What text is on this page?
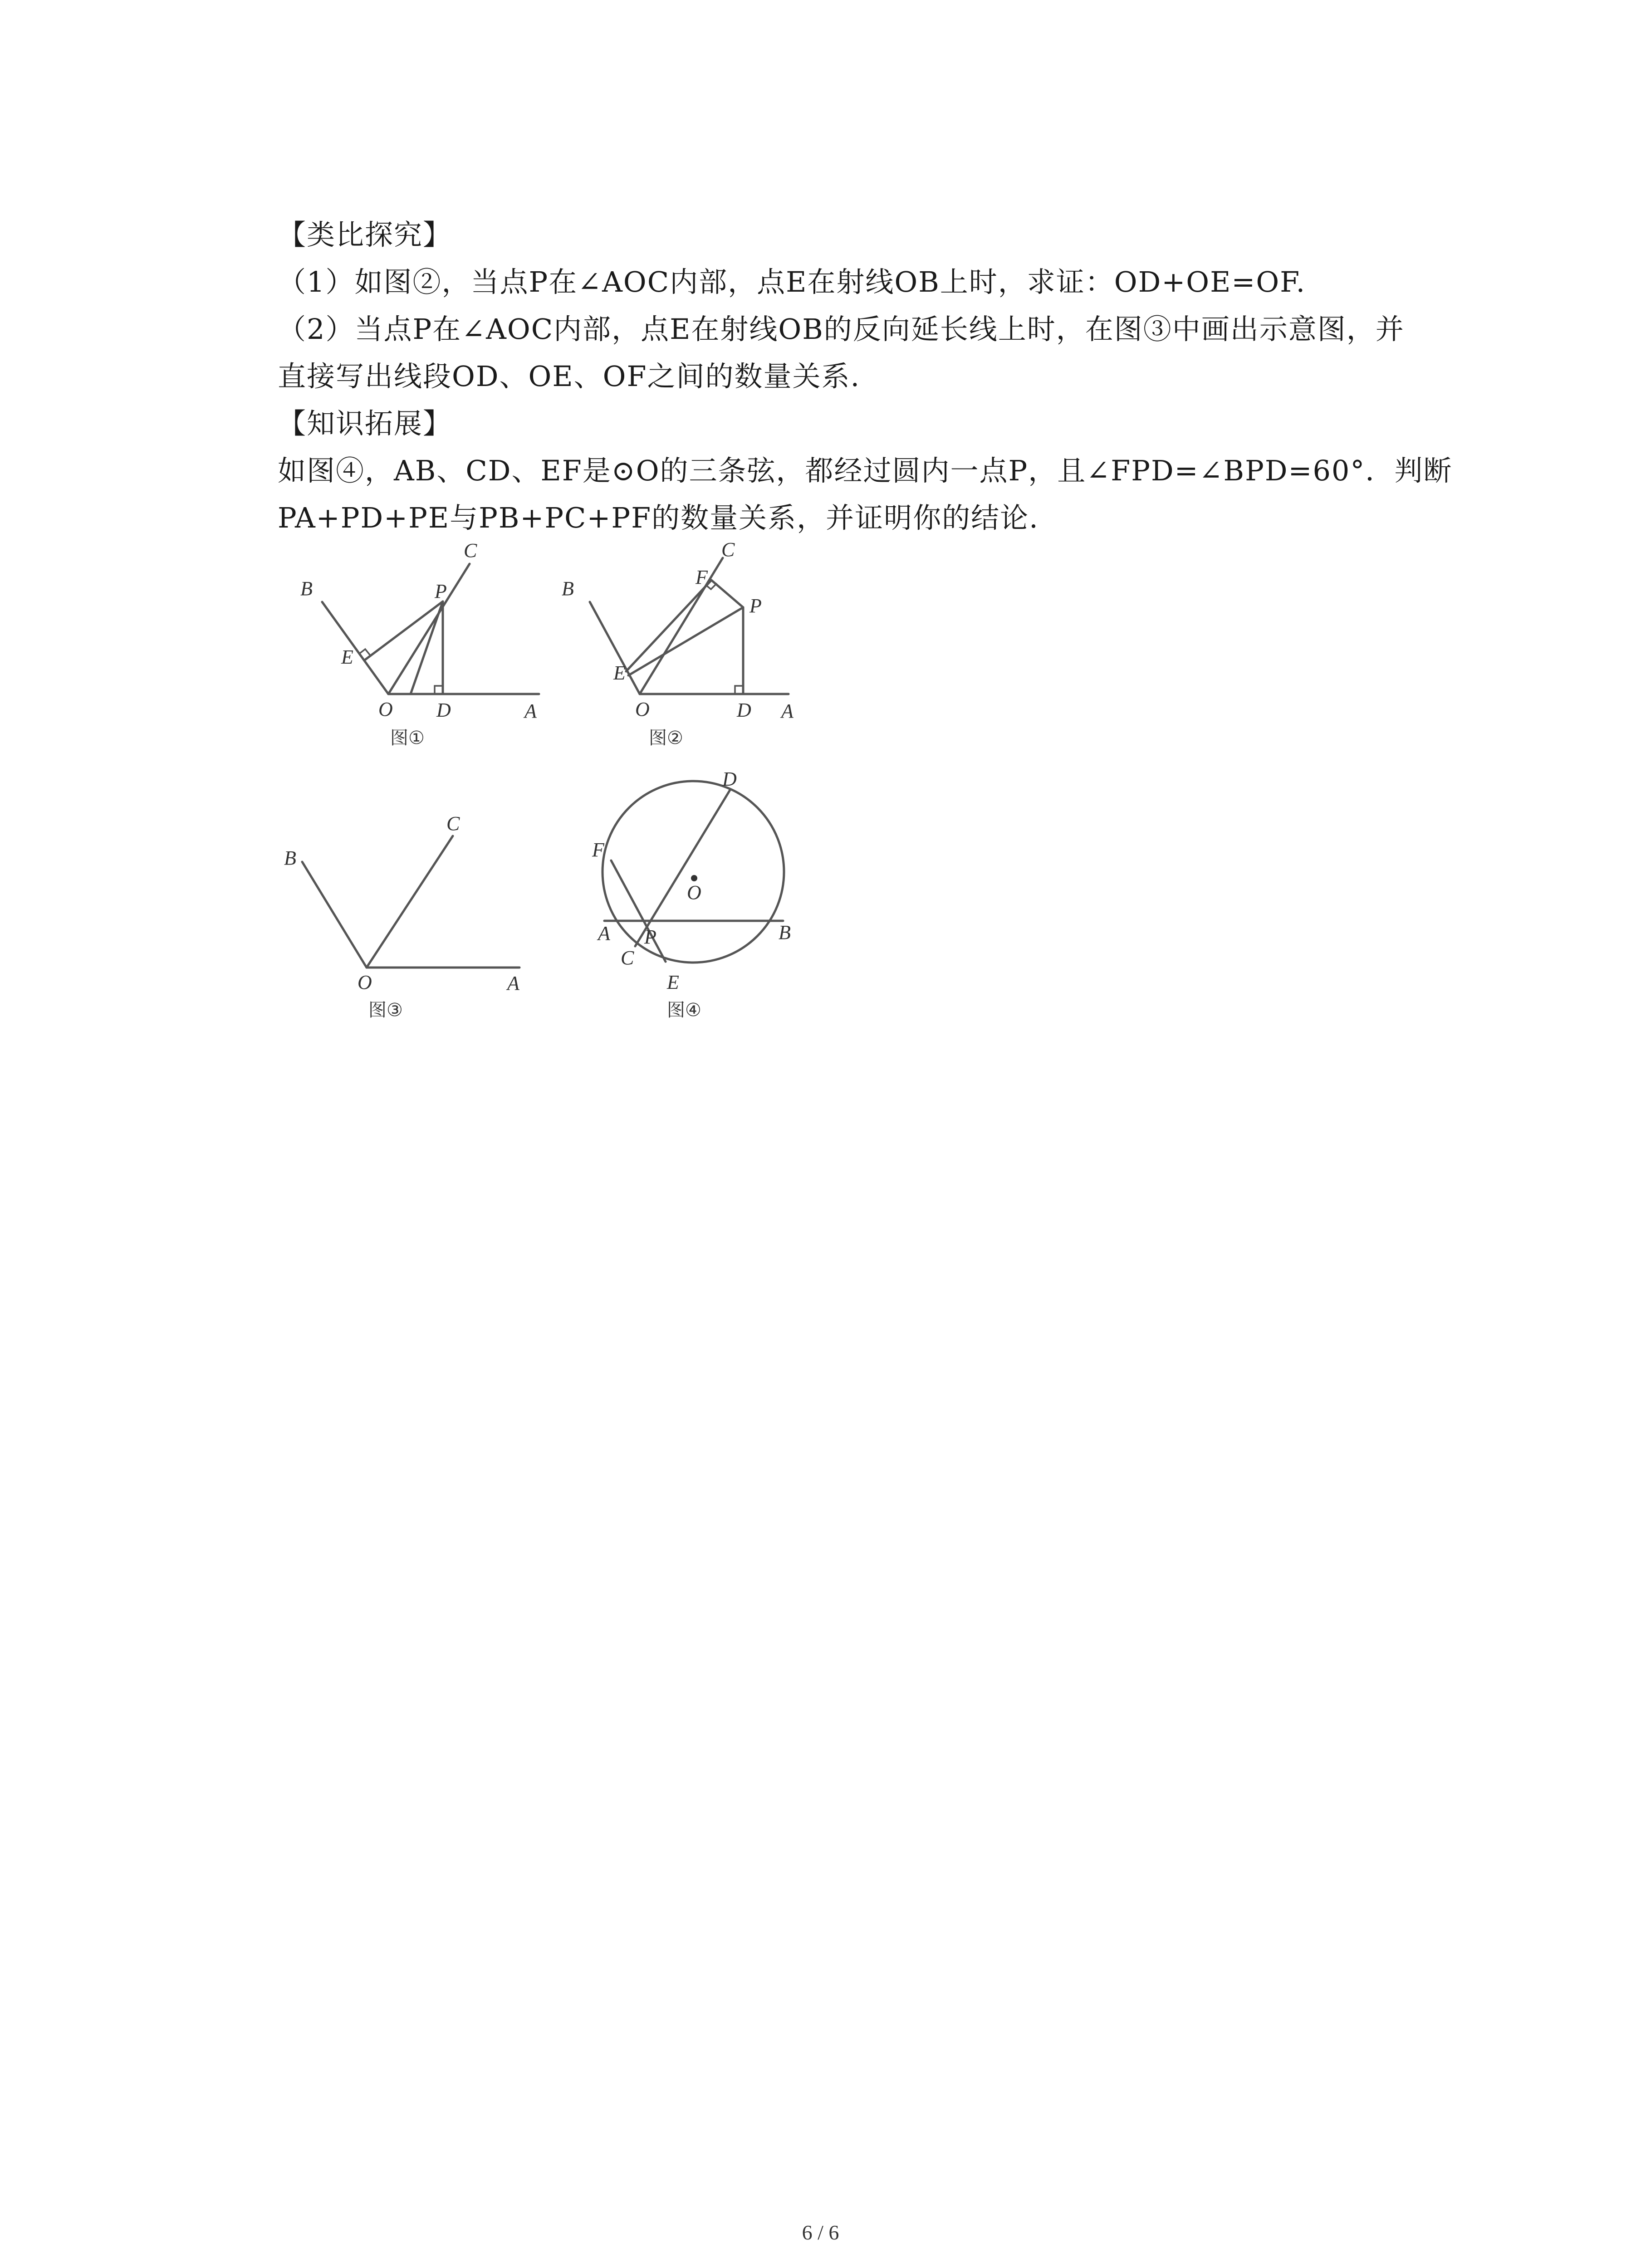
【类比探究】
（1）如图②，当点P在∠AOC内部，点E在射线OB上时，求证：OD+OE=OF.
（2）当点P在∠AOC内部，点E在射线OB的反向延长线上时，在图③中画出示意图，并
直接写出线段OD、OE、OF之间的数量关系.
【知识拓展】
如图④，AB、CD、EF是⊙O的三条弦，都经过圆内一点P，且∠FPD=∠BPD=60°．判断
PA+PD+PE与PB+PC+PF的数量关系，并证明你的结论.
B
C
P
E
O D	A
图①
B
C
F
P
E
O	D A
图②
B
C
O	A
图③
D
F
O
A P	B
C
E
图④
6 / 6
